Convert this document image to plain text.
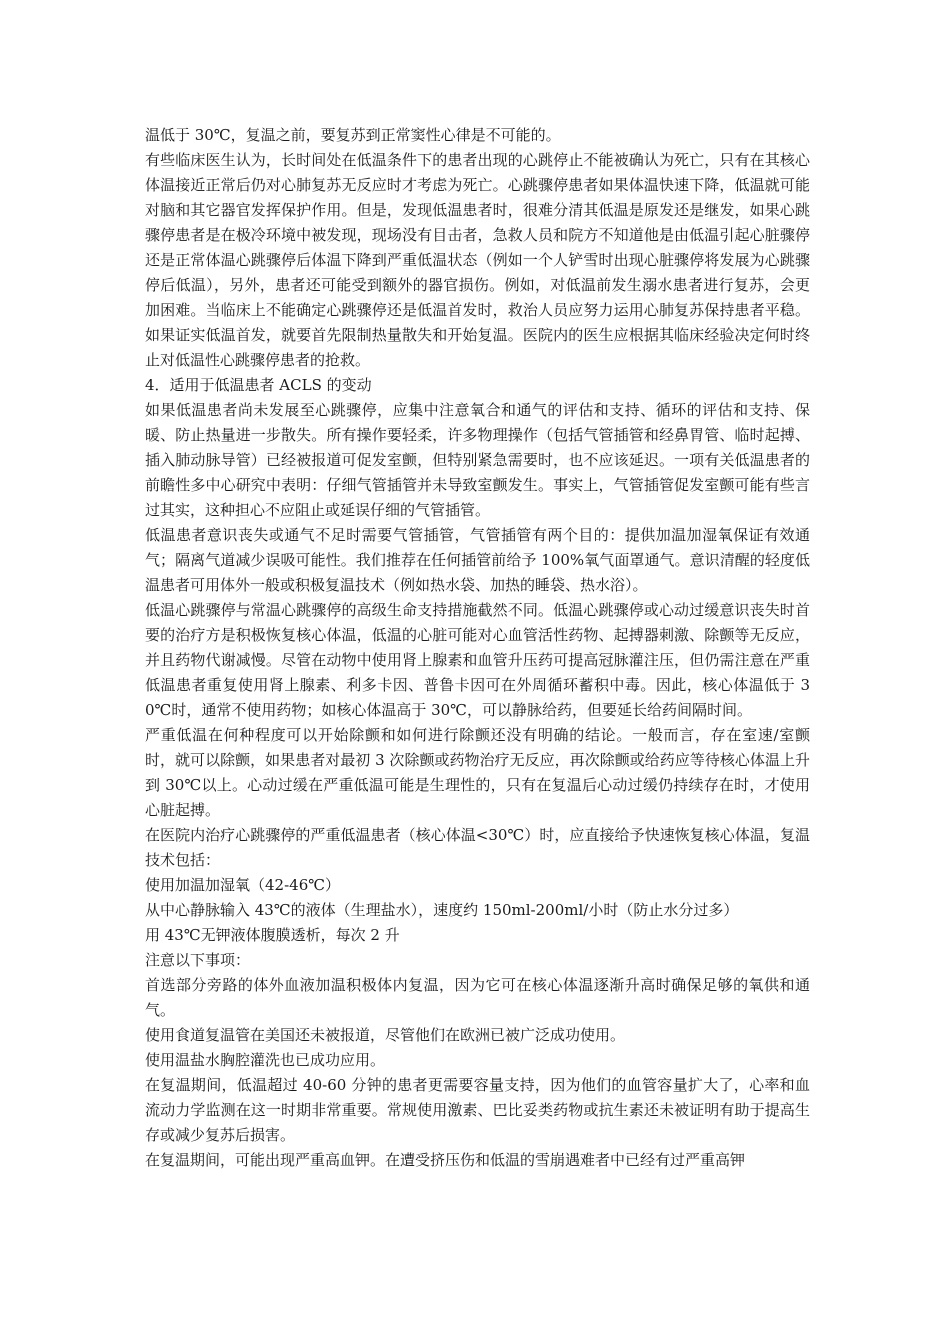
温低于 30℃，复温之前，要复苏到正常窦性心律是不可能的。

有些临床医生认为，长时间处在低温条件下的患者出现的心跳停止不能被确认为死亡，只有在其核心体温接近正常后仍对心肺复苏无反应时才考虑为死亡。心跳骤停患者如果体温快速下降，低温就可能对脑和其它器官发挥保护作用。但是，发现低温患者时，很难分清其低温是原发还是继发，如果心跳骤停患者是在极冷环境中被发现，现场没有目击者，急救人员和院方不知道他是由低温引起心脏骤停还是正常体温心跳骤停后体温下降到严重低温状态（例如一个人铲雪时出现心脏骤停将发展为心跳骤停后低温），另外，患者还可能受到额外的器官损伤。例如，对低温前发生溺水患者进行复苏，会更加困难。当临床上不能确定心跳骤停还是低温首发时，救治人员应努力运用心肺复苏保持患者平稳。如果证实低温首发，就要首先限制热量散失和开始复温。医院内的医生应根据其临床经验决定何时终止对低温性心跳骤停患者的抢救。

4．适用于低温患者 ACLS 的变动

如果低温患者尚未发展至心跳骤停，应集中注意氧合和通气的评估和支持、循环的评估和支持、保暖、防止热量进一步散失。所有操作要轻柔，许多物理操作（包括气管插管和经鼻胃管、临时起搏、插入肺动脉导管）已经被报道可促发室颤，但特别紧急需要时，也不应该延迟。一项有关低温患者的前瞻性多中心研究中表明：仔细气管插管并未导致室颤发生。事实上，气管插管促发室颤可能有些言过其实，这种担心不应阻止或延误仔细的气管插管。

低温患者意识丧失或通气不足时需要气管插管，气管插管有两个目的：提供加温加湿氧保证有效通气；隔离气道减少误吸可能性。我们推荐在任何插管前给予 100%氧气面罩通气。意识清醒的轻度低温患者可用体外一般或积极复温技术（例如热水袋、加热的睡袋、热水浴）。

低温心跳骤停与常温心跳骤停的高级生命支持措施截然不同。低温心跳骤停或心动过缓意识丧失时首要的治疗方是积极恢复核心体温，低温的心脏可能对心血管活性药物、起搏器刺激、除颤等无反应，并且药物代谢减慢。尽管在动物中使用肾上腺素和血管升压药可提高冠脉灌注压，但仍需注意在严重低温患者重复使用肾上腺素、利多卡因、普鲁卡因可在外周循环蓄积中毒。因此，核心体温低于 30℃时，通常不使用药物；如核心体温高于 30℃，可以静脉给药，但要延长给药间隔时间。

严重低温在何种程度可以开始除颤和如何进行除颤还没有明确的结论。一般而言，存在室速/室颤时，就可以除颤，如果患者对最初 3 次除颤或药物治疗无反应，再次除颤或给药应等待核心体温上升到 30℃以上。心动过缓在严重低温可能是生理性的，只有在复温后心动过缓仍持续存在时，才使用心脏起搏。

在医院内治疗心跳骤停的严重低温患者（核心体温<30℃）时，应直接给予快速恢复核心体温，复温技术包括：

使用加温加湿氧（42-46℃）

从中心静脉输入 43℃的液体（生理盐水），速度约 150ml-200ml/小时（防止水分过多）

用 43℃无钾液体腹膜透析，每次 2 升

注意以下事项：

首选部分旁路的体外血液加温积极体内复温，因为它可在核心体温逐渐升高时确保足够的氧供和通气。

使用食道复温管在美国还未被报道，尽管他们在欧洲已被广泛成功使用。

使用温盐水胸腔灌洗也已成功应用。

在复温期间，低温超过 40-60 分钟的患者更需要容量支持，因为他们的血管容量扩大了，心率和血流动力学监测在这一时期非常重要。常规使用激素、巴比妥类药物或抗生素还未被证明有助于提高生存或减少复苏后损害。

在复温期间，可能出现严重高血钾。在遭受挤压伤和低温的雪崩遇难者中已经有过严重高钾
